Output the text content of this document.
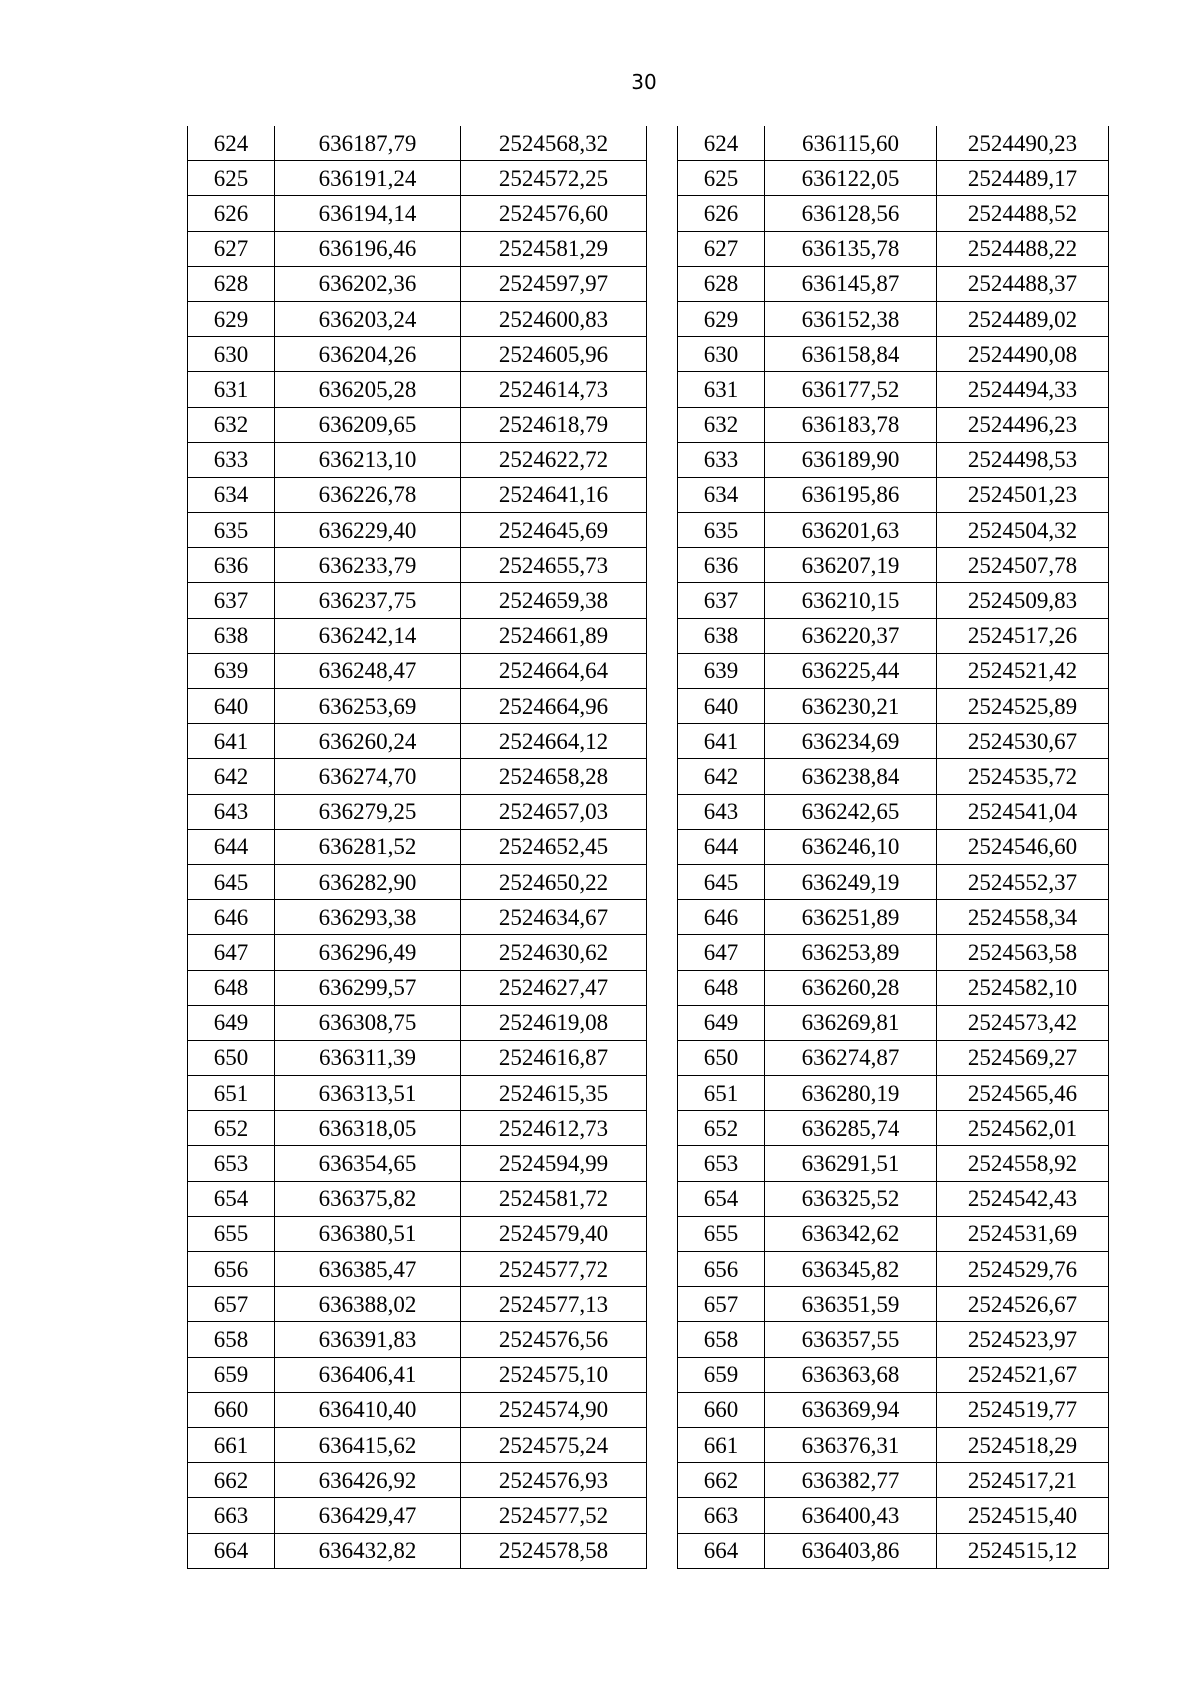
30
624	636187,79	2524568,32
625	636191,24	2524572,25
626	636194,14	2524576,60
627	636196,46	2524581,29
628	636202,36	2524597,97
629	636203,24	2524600,83
630	636204,26	2524605,96
631	636205,28	2524614,73
632	636209,65	2524618,79
633	636213,10	2524622,72
634	636226,78	2524641,16
635	636229,40	2524645,69
636	636233,79	2524655,73
637	636237,75	2524659,38
638	636242,14	2524661,89
639	636248,47	2524664,64
640	636253,69	2524664,96
641	636260,24	2524664,12
642	636274,70	2524658,28
643	636279,25	2524657,03
644	636281,52	2524652,45
645	636282,90	2524650,22
646	636293,38	2524634,67
647	636296,49	2524630,62
648	636299,57	2524627,47
649	636308,75	2524619,08
650	636311,39	2524616,87
651	636313,51	2524615,35
652	636318,05	2524612,73
653	636354,65	2524594,99
654	636375,82	2524581,72
655	636380,51	2524579,40
656	636385,47	2524577,72
657	636388,02	2524577,13
658	636391,83	2524576,56
659	636406,41	2524575,10
660	636410,40	2524574,90
661	636415,62	2524575,24
662	636426,92	2524576,93
663	636429,47	2524577,52
664	636432,82	2524578,58
624	636115,60	2524490,23
625	636122,05	2524489,17
626	636128,56	2524488,52
627	636135,78	2524488,22
628	636145,87	2524488,37
629	636152,38	2524489,02
630	636158,84	2524490,08
631	636177,52	2524494,33
632	636183,78	2524496,23
633	636189,90	2524498,53
634	636195,86	2524501,23
635	636201,63	2524504,32
636	636207,19	2524507,78
637	636210,15	2524509,83
638	636220,37	2524517,26
639	636225,44	2524521,42
640	636230,21	2524525,89
641	636234,69	2524530,67
642	636238,84	2524535,72
643	636242,65	2524541,04
644	636246,10	2524546,60
645	636249,19	2524552,37
646	636251,89	2524558,34
647	636253,89	2524563,58
648	636260,28	2524582,10
649	636269,81	2524573,42
650	636274,87	2524569,27
651	636280,19	2524565,46
652	636285,74	2524562,01
653	636291,51	2524558,92
654	636325,52	2524542,43
655	636342,62	2524531,69
656	636345,82	2524529,76
657	636351,59	2524526,67
658	636357,55	2524523,97
659	636363,68	2524521,67
660	636369,94	2524519,77
661	636376,31	2524518,29
662	636382,77	2524517,21
663	636400,43	2524515,40
664	636403,86	2524515,12
